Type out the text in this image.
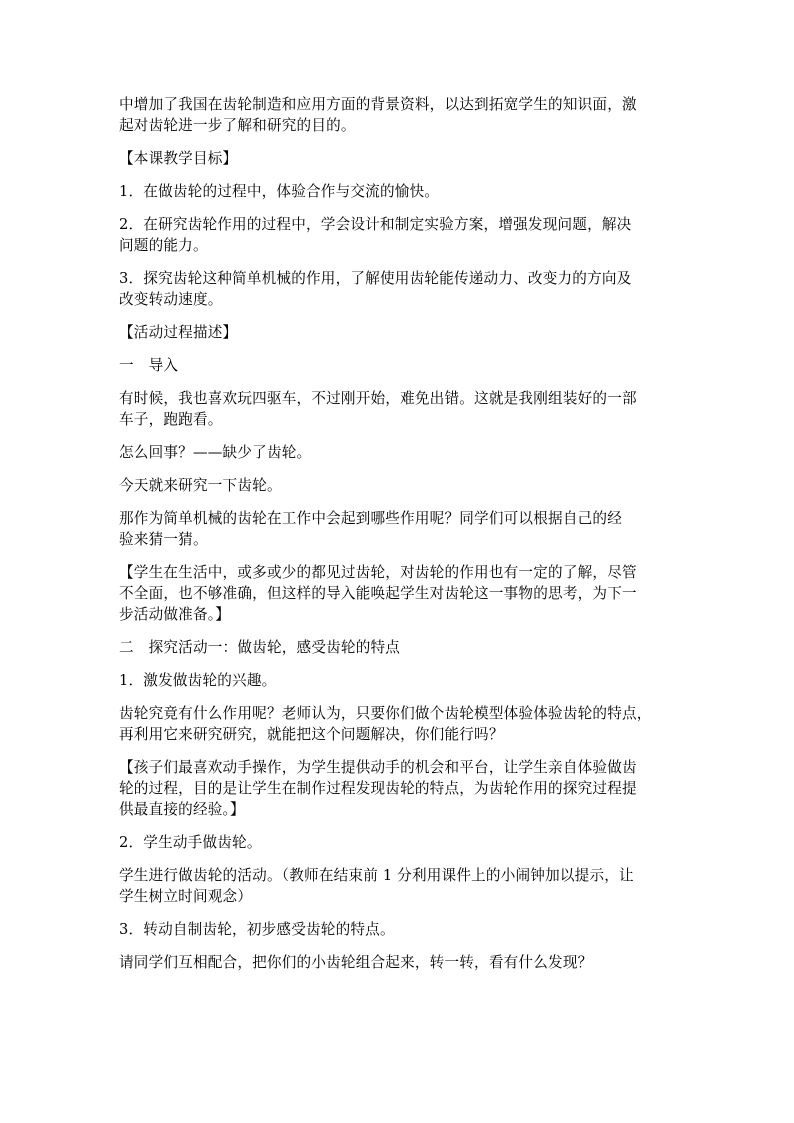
中增加了我国在齿轮制造和应用方面的背景资料，以达到拓宽学生的知识面，激
起对齿轮进一步了解和研究的目的。
【本课教学目标】
1．在做齿轮的过程中，体验合作与交流的愉快。
2．在研究齿轮作用的过程中，学会设计和制定实验方案，增强发现问题，解决
问题的能力。
3．探究齿轮这种简单机械的作用，了解使用齿轮能传递动力、改变力的方向及
改变转动速度。
【活动过程描述】
一　导入
有时候，我也喜欢玩四驱车，不过刚开始，难免出错。这就是我刚组装好的一部
车子，跑跑看。
怎么回事？——缺少了齿轮。
今天就来研究一下齿轮。
那作为简单机械的齿轮在工作中会起到哪些作用呢？同学们可以根据自己的经
验来猜一猜。
【学生在生活中，或多或少的都见过齿轮，对齿轮的作用也有一定的了解，尽管
不全面，也不够准确，但这样的导入能唤起学生对齿轮这一事物的思考，为下一
步活动做准备。】
二　探究活动一：做齿轮，感受齿轮的特点
1．激发做齿轮的兴趣。
齿轮究竟有什么作用呢？老师认为，只要你们做个齿轮模型体验体验齿轮的特点，
再利用它来研究研究，就能把这个问题解决，你们能行吗？
【孩子们最喜欢动手操作，为学生提供动手的机会和平台，让学生亲自体验做齿
轮的过程，目的是让学生在制作过程发现齿轮的特点，为齿轮作用的探究过程提
供最直接的经验。】
2．学生动手做齿轮。
学生进行做齿轮的活动。（教师在结束前 1 分利用课件上的小闹钟加以提示，让
学生树立时间观念）
3．转动自制齿轮，初步感受齿轮的特点。
请同学们互相配合，把你们的小齿轮组合起来，转一转，看有什么发现？
